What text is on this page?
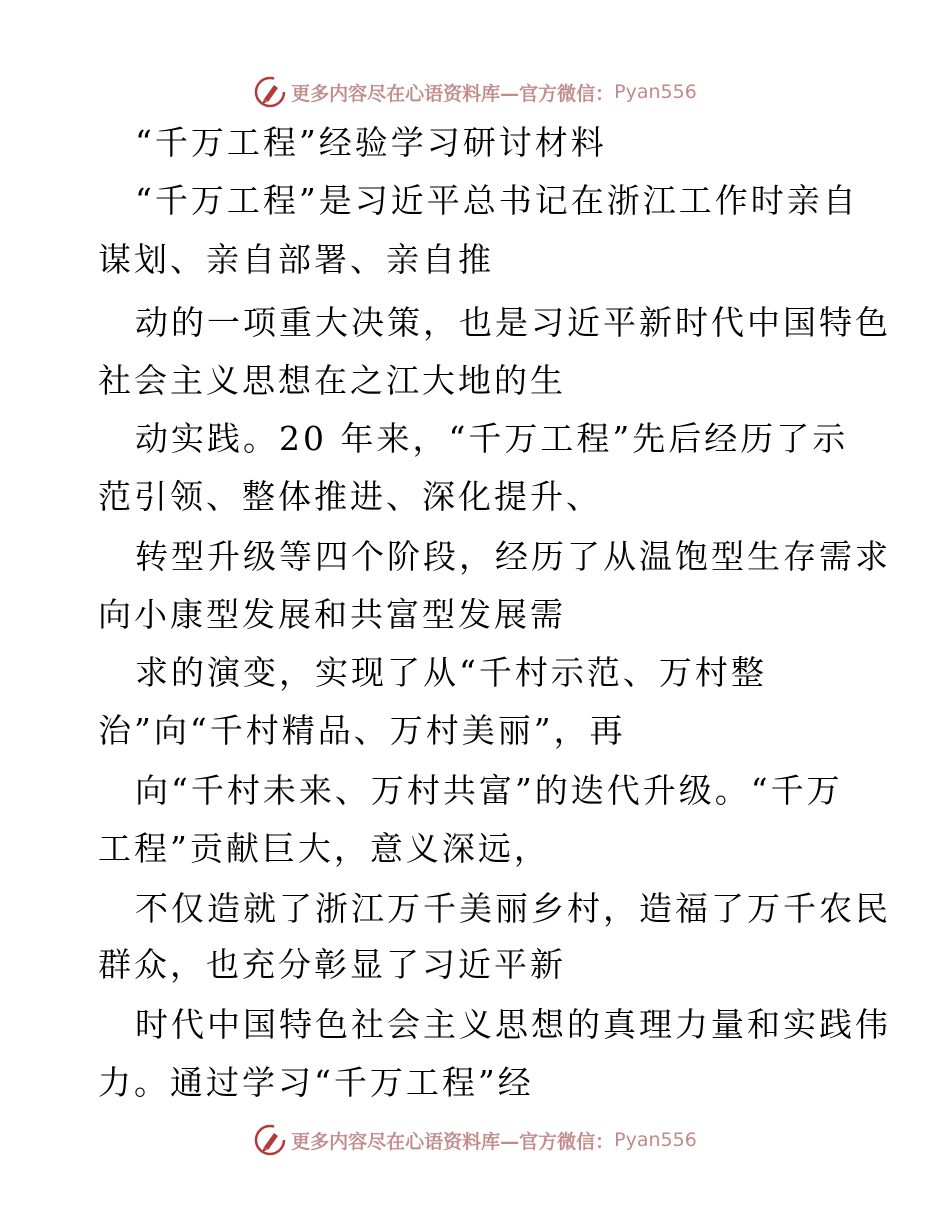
更多内容尽在心语资料库—官方微信： Pyan556
“千万工程”经验学习研讨材料
“千万工程”是习近平总书记在浙江工作时亲自
谋划、亲自部署、亲自推
动的一项重大决策，也是习近平新时代中国特色
社会主义思想在之江大地的生
动实践。20 年来，“千万工程”先后经历了示
范引领、整体推进、深化提升、
转型升级等四个阶段，经历了从温饱型生存需求
向小康型发展和共富型发展需
求的演变，实现了从“千村示范、万村整
治”向“千村精品、万村美丽”，再
向“千村未来、万村共富”的迭代升级。“千万
工程”贡献巨大，意义深远，
不仅造就了浙江万千美丽乡村，造福了万千农民
群众，也充分彰显了习近平新
时代中国特色社会主义思想的真理力量和实践伟
力。通过学习“千万工程”经
更多内容尽在心语资料库—官方微信： Pyan556
